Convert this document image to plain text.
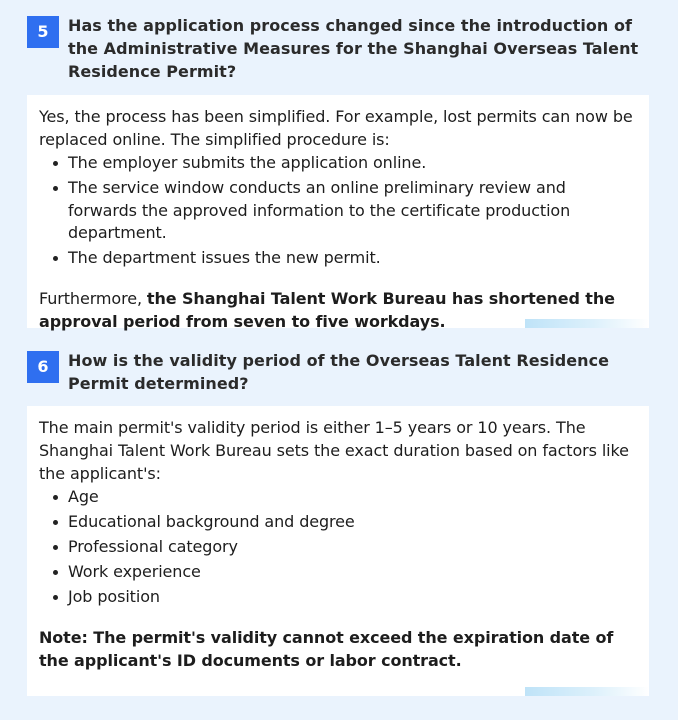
5	Has the application process changed since the introduction of the Administrative Measures for the Shanghai Overseas Talent Residence Permit?

Yes, the process has been simplified. For example, lost permits can now be replaced online. The simplified procedure is:

The employer submits the application online.
The service window conducts an online preliminary review and forwards the approved information to the certificate production department.
The department issues the new permit.

Furthermore, the Shanghai Talent Work Bureau has shortened the approval period from seven to five workdays.

6	How is the validity period of the Overseas Talent Residence Permit determined?

The main permit's validity period is either 1–5 years or 10 years. The Shanghai Talent Work Bureau sets the exact duration based on factors like the applicant's:

Age
Educational background and degree
Professional category
Work experience
Job position

Note: The permit's validity cannot exceed the expiration date of the applicant's ID documents or labor contract.
